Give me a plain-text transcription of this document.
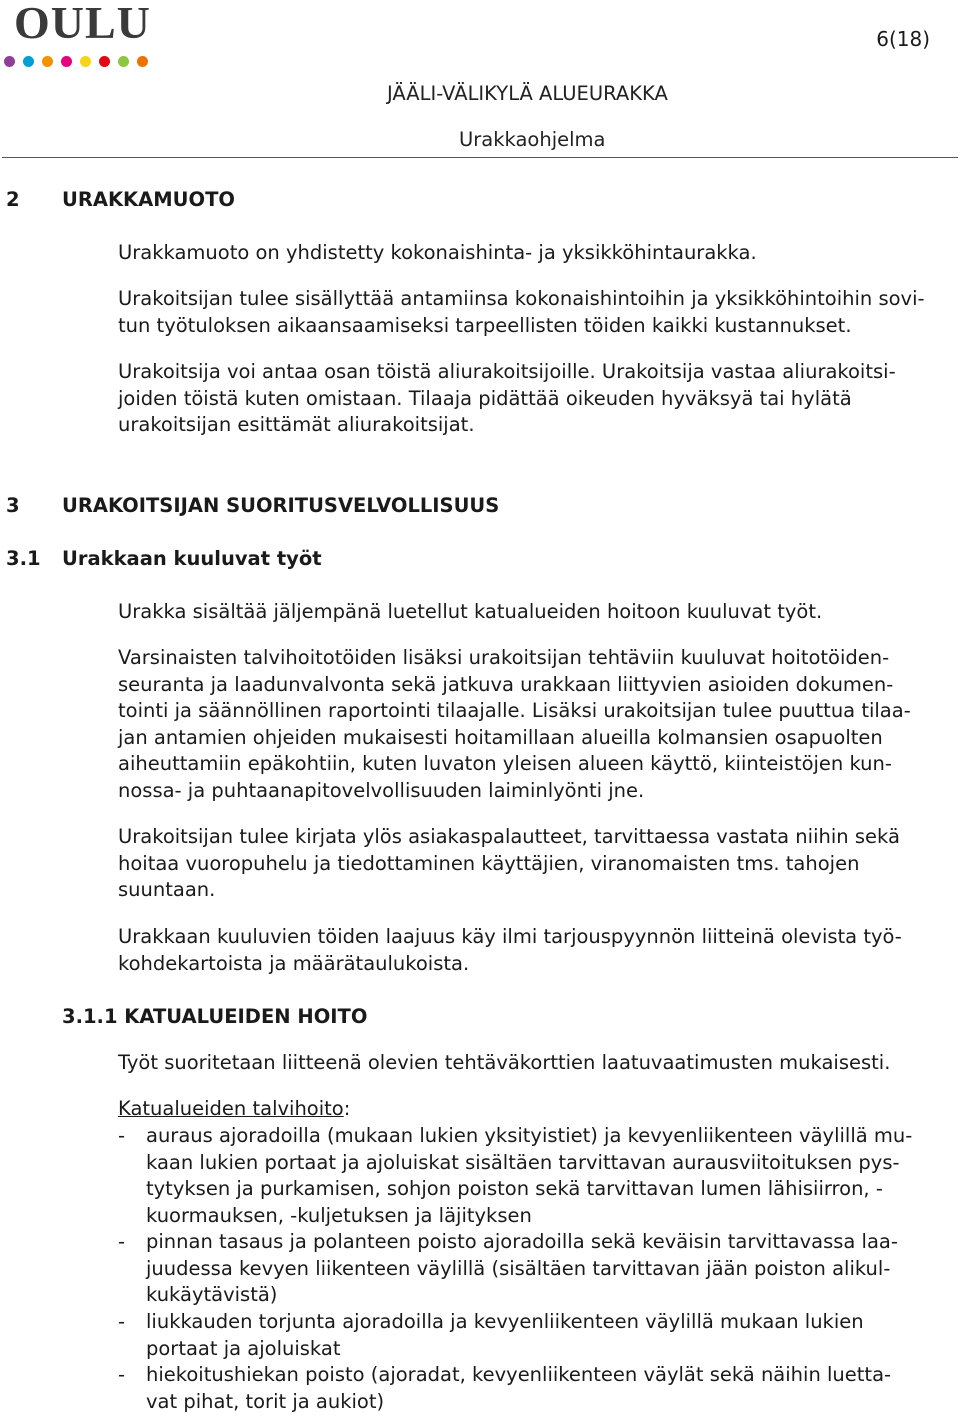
OULU	6(18)
JÄÄLI-VÄLIKYLÄ ALUEURAKKA
Urakkaohjelma
2 URAKKAMUOTO
Urakkamuoto on yhdistetty kokonaishinta- ja yksikköhintaurakka.
Urakoitsijan tulee sisällyttää antamiinsa kokonaishintoihin ja yksikköhintoihin sovi-
tun työtuloksen aikaansaamiseksi tarpeellisten töiden kaikki kustannukset.
Urakoitsija voi antaa osan töistä aliurakoitsijoille. Urakoitsija vastaa aliurakoitsi-
joiden töistä kuten omistaan. Tilaaja pidättää oikeuden hyväksyä tai hylätä
urakoitsijan esittämät aliurakoitsijat.
3 URAKOITSIJAN SUORITUSVELVOLLISUUS
3.1 Urakkaan kuuluvat työt
Urakka sisältää jäljempänä luetellut katualueiden hoitoon kuuluvat työt.
Varsinaisten talvihoitotöiden lisäksi urakoitsijan tehtäviin kuuluvat hoitotöiden-
seuranta ja laadunvalvonta sekä jatkuva urakkaan liittyvien asioiden dokumen-
tointi ja säännöllinen raportointi tilaajalle. Lisäksi urakoitsijan tulee puuttua tilaa-
jan antamien ohjeiden mukaisesti hoitamillaan alueilla kolmansien osapuolten
aiheuttamiin epäkohtiin, kuten luvaton yleisen alueen käyttö, kiinteistöjen kun-
nossa- ja puhtaanapitovelvollisuuden laiminlyönti jne.
Urakoitsijan tulee kirjata ylös asiakaspalautteet, tarvittaessa vastata niihin sekä
hoitaa vuoropuhelu ja tiedottaminen käyttäjien, viranomaisten tms. tahojen
suuntaan.
Urakkaan kuuluvien töiden laajuus käy ilmi tarjouspyynnön liitteinä olevista työ-
kohdekartoista ja määrätaulukoista.
3.1.1 KATUALUEIDEN HOITO
Työt suoritetaan liitteenä olevien tehtäväkorttien laatuvaatimusten mukaisesti.
Katualueiden talvihoito:
- auraus ajoradoilla (mukaan lukien yksityistiet) ja kevyenliikenteen väylillä mu-
kaan lukien portaat ja ajoluiskat sisältäen tarvittavan aurausviitoituksen pys-
tytyksen ja purkamisen, sohjon poiston sekä tarvittavan lumen lähisiirron, -
kuormauksen, -kuljetuksen ja läjityksen
- pinnan tasaus ja polanteen poisto ajoradoilla sekä keväisin tarvittavassa laa-
juudessa kevyen liikenteen väylillä (sisältäen tarvittavan jään poiston alikul-
kukäytävistä)
- liukkauden torjunta ajoradoilla ja kevyenliikenteen väylillä mukaan lukien
portaat ja ajoluiskat
- hiekoitushiekan poisto (ajoradat, kevyenliikenteen väylät sekä näihin luetta-
vat pihat, torit ja aukiot)
